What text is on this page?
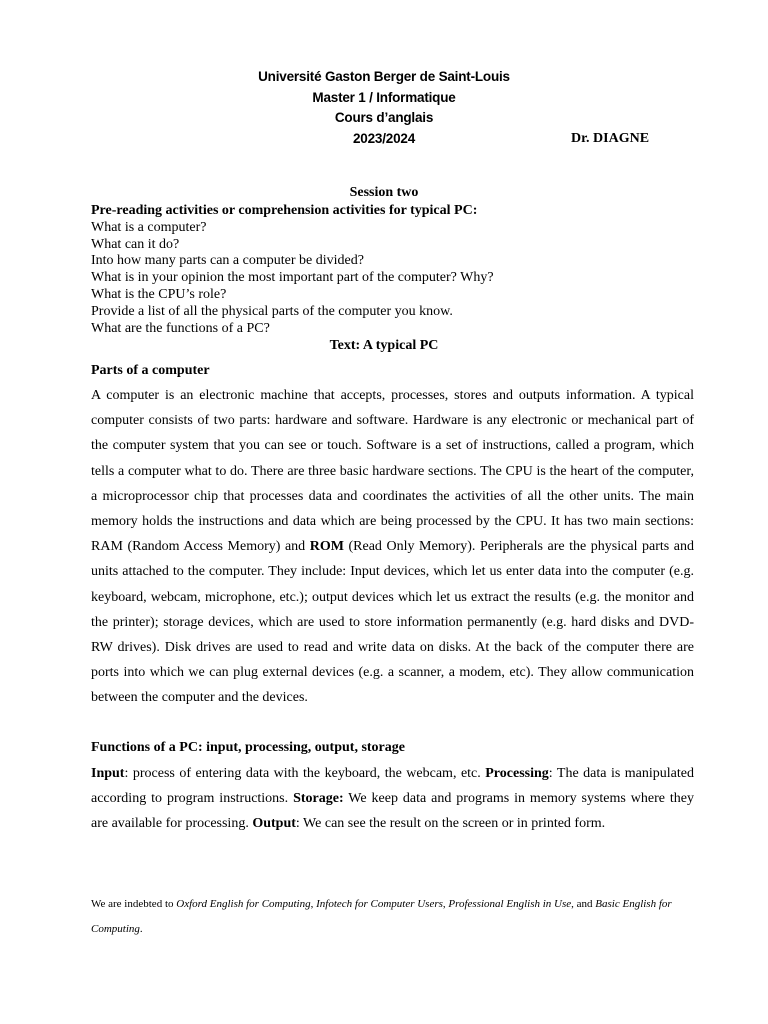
Université Gaston Berger de Saint-Louis
Master 1 / Informatique
Cours d’anglais
2023/2024	Dr. DIAGNE
Session two
Pre-reading activities or comprehension activities for typical PC:
What is a computer?
What can it do?
Into how many parts can a computer be divided?
What is in your opinion the most important part of the computer? Why?
What is the CPU’s role?
Provide a list of all the physical parts of the computer you know.
What are the functions of a PC?
Text: A typical PC
Parts of a computer
A computer is an electronic machine that accepts, processes, stores and outputs information. A typical computer consists of two parts: hardware and software. Hardware is any electronic or mechanical part of the computer system that you can see or touch. Software is a set of instructions, called a program, which tells a computer what to do. There are three basic hardware sections. The CPU is the heart of the computer, a microprocessor chip that processes data and coordinates the activities of all the other units. The main memory holds the instructions and data which are being processed by the CPU. It has two main sections: RAM (Random Access Memory) and ROM (Read Only Memory). Peripherals are the physical parts and units attached to the computer. They include: Input devices, which let us enter data into the computer (e.g. keyboard, webcam, microphone, etc.); output devices which let us extract the results (e.g. the monitor and the printer); storage devices, which are used to store information permanently (e.g. hard disks and DVD-RW drives). Disk drives are used to read and write data on disks. At the back of the computer there are ports into which we can plug external devices (e.g. a scanner, a modem, etc). They allow communication between the computer and the devices.
Functions of a PC: input, processing, output, storage
Input: process of entering data with the keyboard, the webcam, etc. Processing: The data is manipulated according to program instructions. Storage: We keep data and programs in memory systems where they are available for processing. Output: We can see the result on the screen or in printed form.
We are indebted to Oxford English for Computing, Infotech for Computer Users, Professional English in Use, and Basic English for Computing.
